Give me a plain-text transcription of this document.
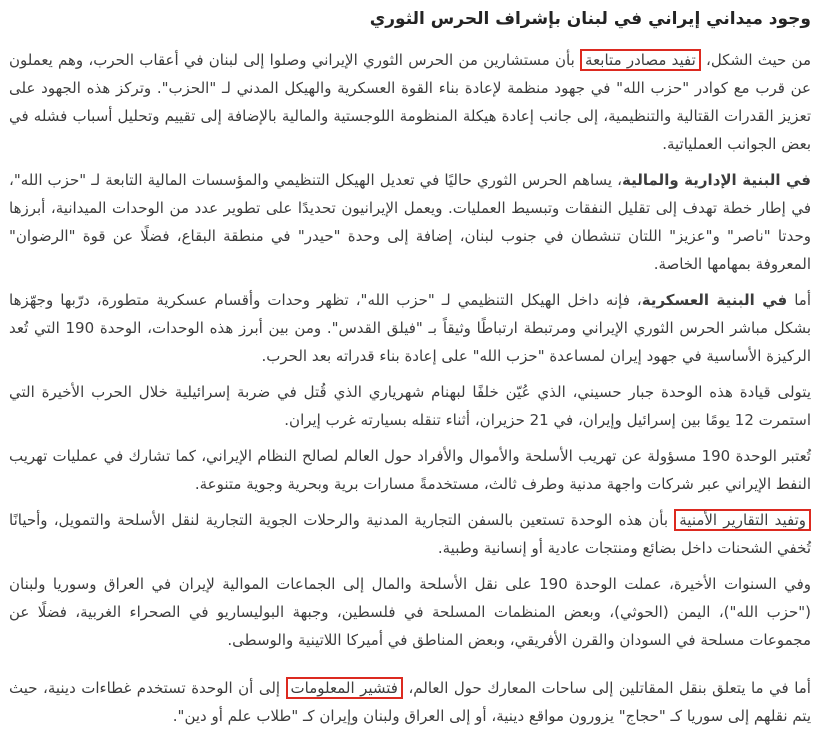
وجود ميداني إيراني في لبنان بإشراف الحرس الثوري

من حيث الشكل، تفيد مصادر متابعة بأن مستشارين من الحرس الثوري الإيراني وصلوا إلى لبنان في أعقاب الحرب، وهم يعملون عن قرب مع كوادر "حزب الله" في جهود منظمة لإعادة بناء القوة العسكرية والهيكل المدني لـ "الحزب". وتركز هذه الجهود على تعزيز القدرات القتالية والتنظيمية، إلى جانب إعادة هيكلة المنظومة اللوجستية والمالية بالإضافة إلى تقييم وتحليل أسباب فشله في بعض الجوانب العملياتية.

في البنية الإدارية والمالية، يساهم الحرس الثوري حاليًا في تعديل الهيكل التنظيمي والمؤسسات المالية التابعة لـ "حزب الله"، في إطار خطة تهدف إلى تقليل النفقات وتبسيط العمليات. ويعمل الإيرانيون تحديدًا على تطوير عدد من الوحدات الميدانية، أبرزها وحدتا "ناصر" و"عزيز" اللتان تنشطان في جنوب لبنان، إضافة إلى وحدة "حيدر" في منطقة البقاع، فضلًا عن قوة "الرضوان" المعروفة بمهامها الخاصة.

أما في البنية العسكرية، فإنه داخل الهيكل التنظيمي لـ "حزب الله"، تظهر وحدات وأقسام عسكرية متطورة، درّبها وجهّزها بشكل مباشر الحرس الثوري الإيراني ومرتبطة ارتباطًا وثيقاً بـ "فيلق القدس". ومن بين أبرز هذه الوحدات، الوحدة 190 التي تُعد الركيزة الأساسية في جهود إيران لمساعدة "حزب الله" على إعادة بناء قدراته بعد الحرب.

يتولى قيادة هذه الوحدة جبار حسيني، الذي عُيّن خلفًا لبهنام شهرياري الذي قُتل في ضربة إسرائيلية خلال الحرب الأخيرة التي استمرت 12 يومًا بين إسرائيل وإيران، في 21 حزيران، أثناء تنقله بسيارته غرب إيران.

تُعتبر الوحدة 190 مسؤولة عن تهريب الأسلحة والأموال والأفراد حول العالم لصالح النظام الإيراني، كما تشارك في عمليات تهريب النفط الإيراني عبر شركات واجهة مدنية وطرف ثالث، مستخدمةً مسارات برية وبحرية وجوية متنوعة.

وتفيد التقارير الأمنية بأن هذه الوحدة تستعين بالسفن التجارية المدنية والرحلات الجوية التجارية لنقل الأسلحة والتمويل، وأحيانًا تُخفي الشحنات داخل بضائع ومنتجات عادية أو إنسانية وطبية.

وفي السنوات الأخيرة، عملت الوحدة 190 على نقل الأسلحة والمال إلى الجماعات الموالية لإيران في العراق وسوريا ولبنان ("حزب الله")، اليمن (الحوثي)، وبعض المنظمات المسلحة في فلسطين، وجبهة البوليساريو في الصحراء الغربية، فضلًا عن مجموعات مسلحة في السودان والقرن الأفريقي، وبعض المناطق في أميركا اللاتينية والوسطى.

أما في ما يتعلق بنقل المقاتلين إلى ساحات المعارك حول العالم، فتشير المعلومات إلى أن الوحدة تستخدم غطاءات دينية، حيث يتم نقلهم إلى سوريا كـ "حجاج" يزورون مواقع دينية، أو إلى العراق ولبنان وإيران كـ "طلاب علم أو دين".
